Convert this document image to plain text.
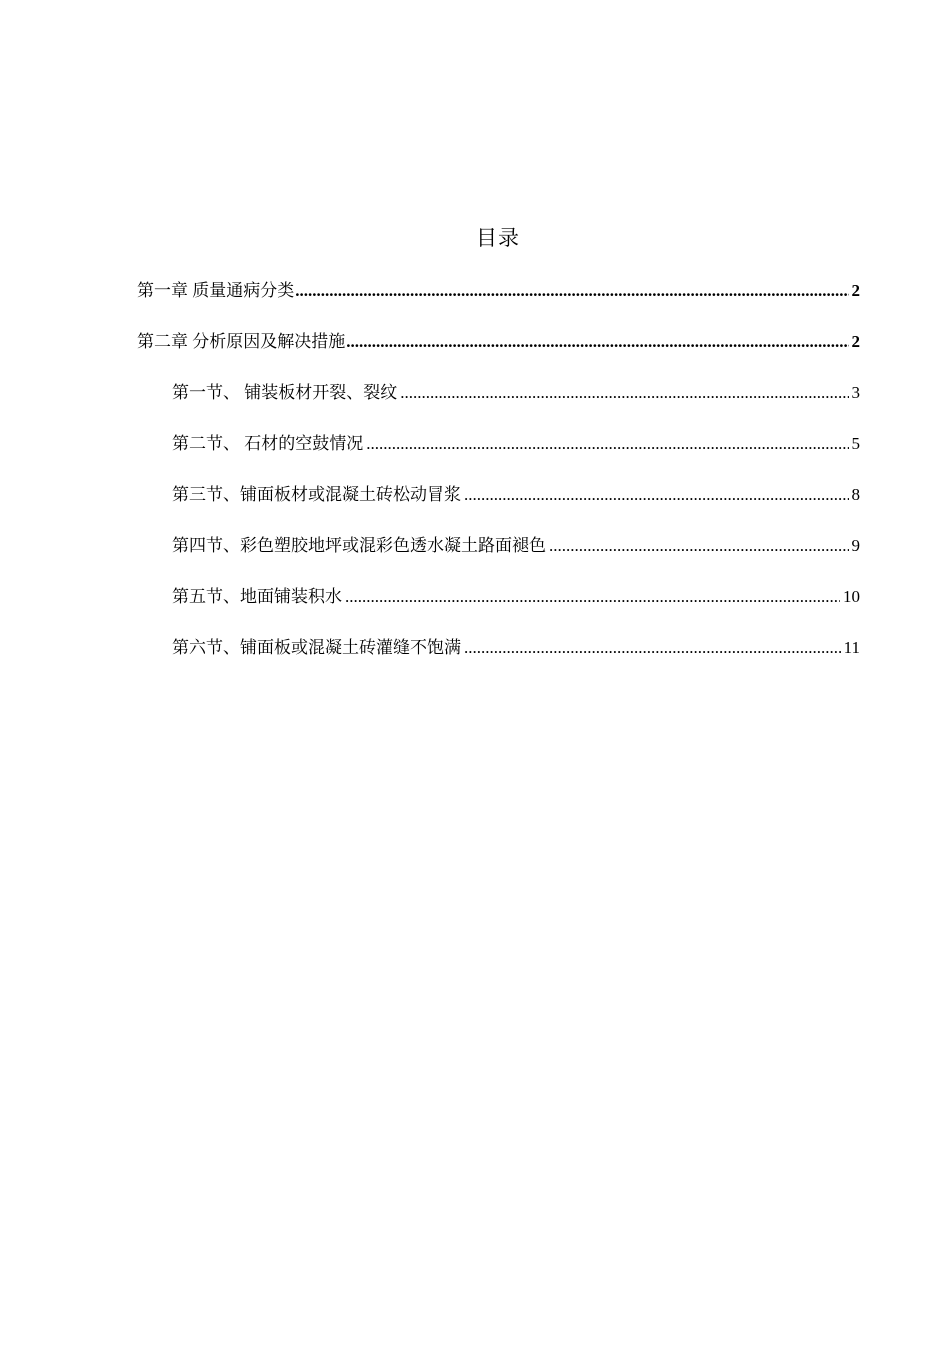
目录
第一章 质量通病分类 .....	2
第二章 分析原因及解决措施 .....	2
第一节、 铺装板材开裂、裂纹 .....	3
第二节、 石材的空鼓情况 .....	5
第三节、铺面板材或混凝土砖松动冒浆 .....	8
第四节、彩色塑胶地坪或混彩色透水凝土路面褪色 .....	9
第五节、地面铺装积水 .....	10
第六节、铺面板或混凝土砖灌缝不饱满 .....	11
